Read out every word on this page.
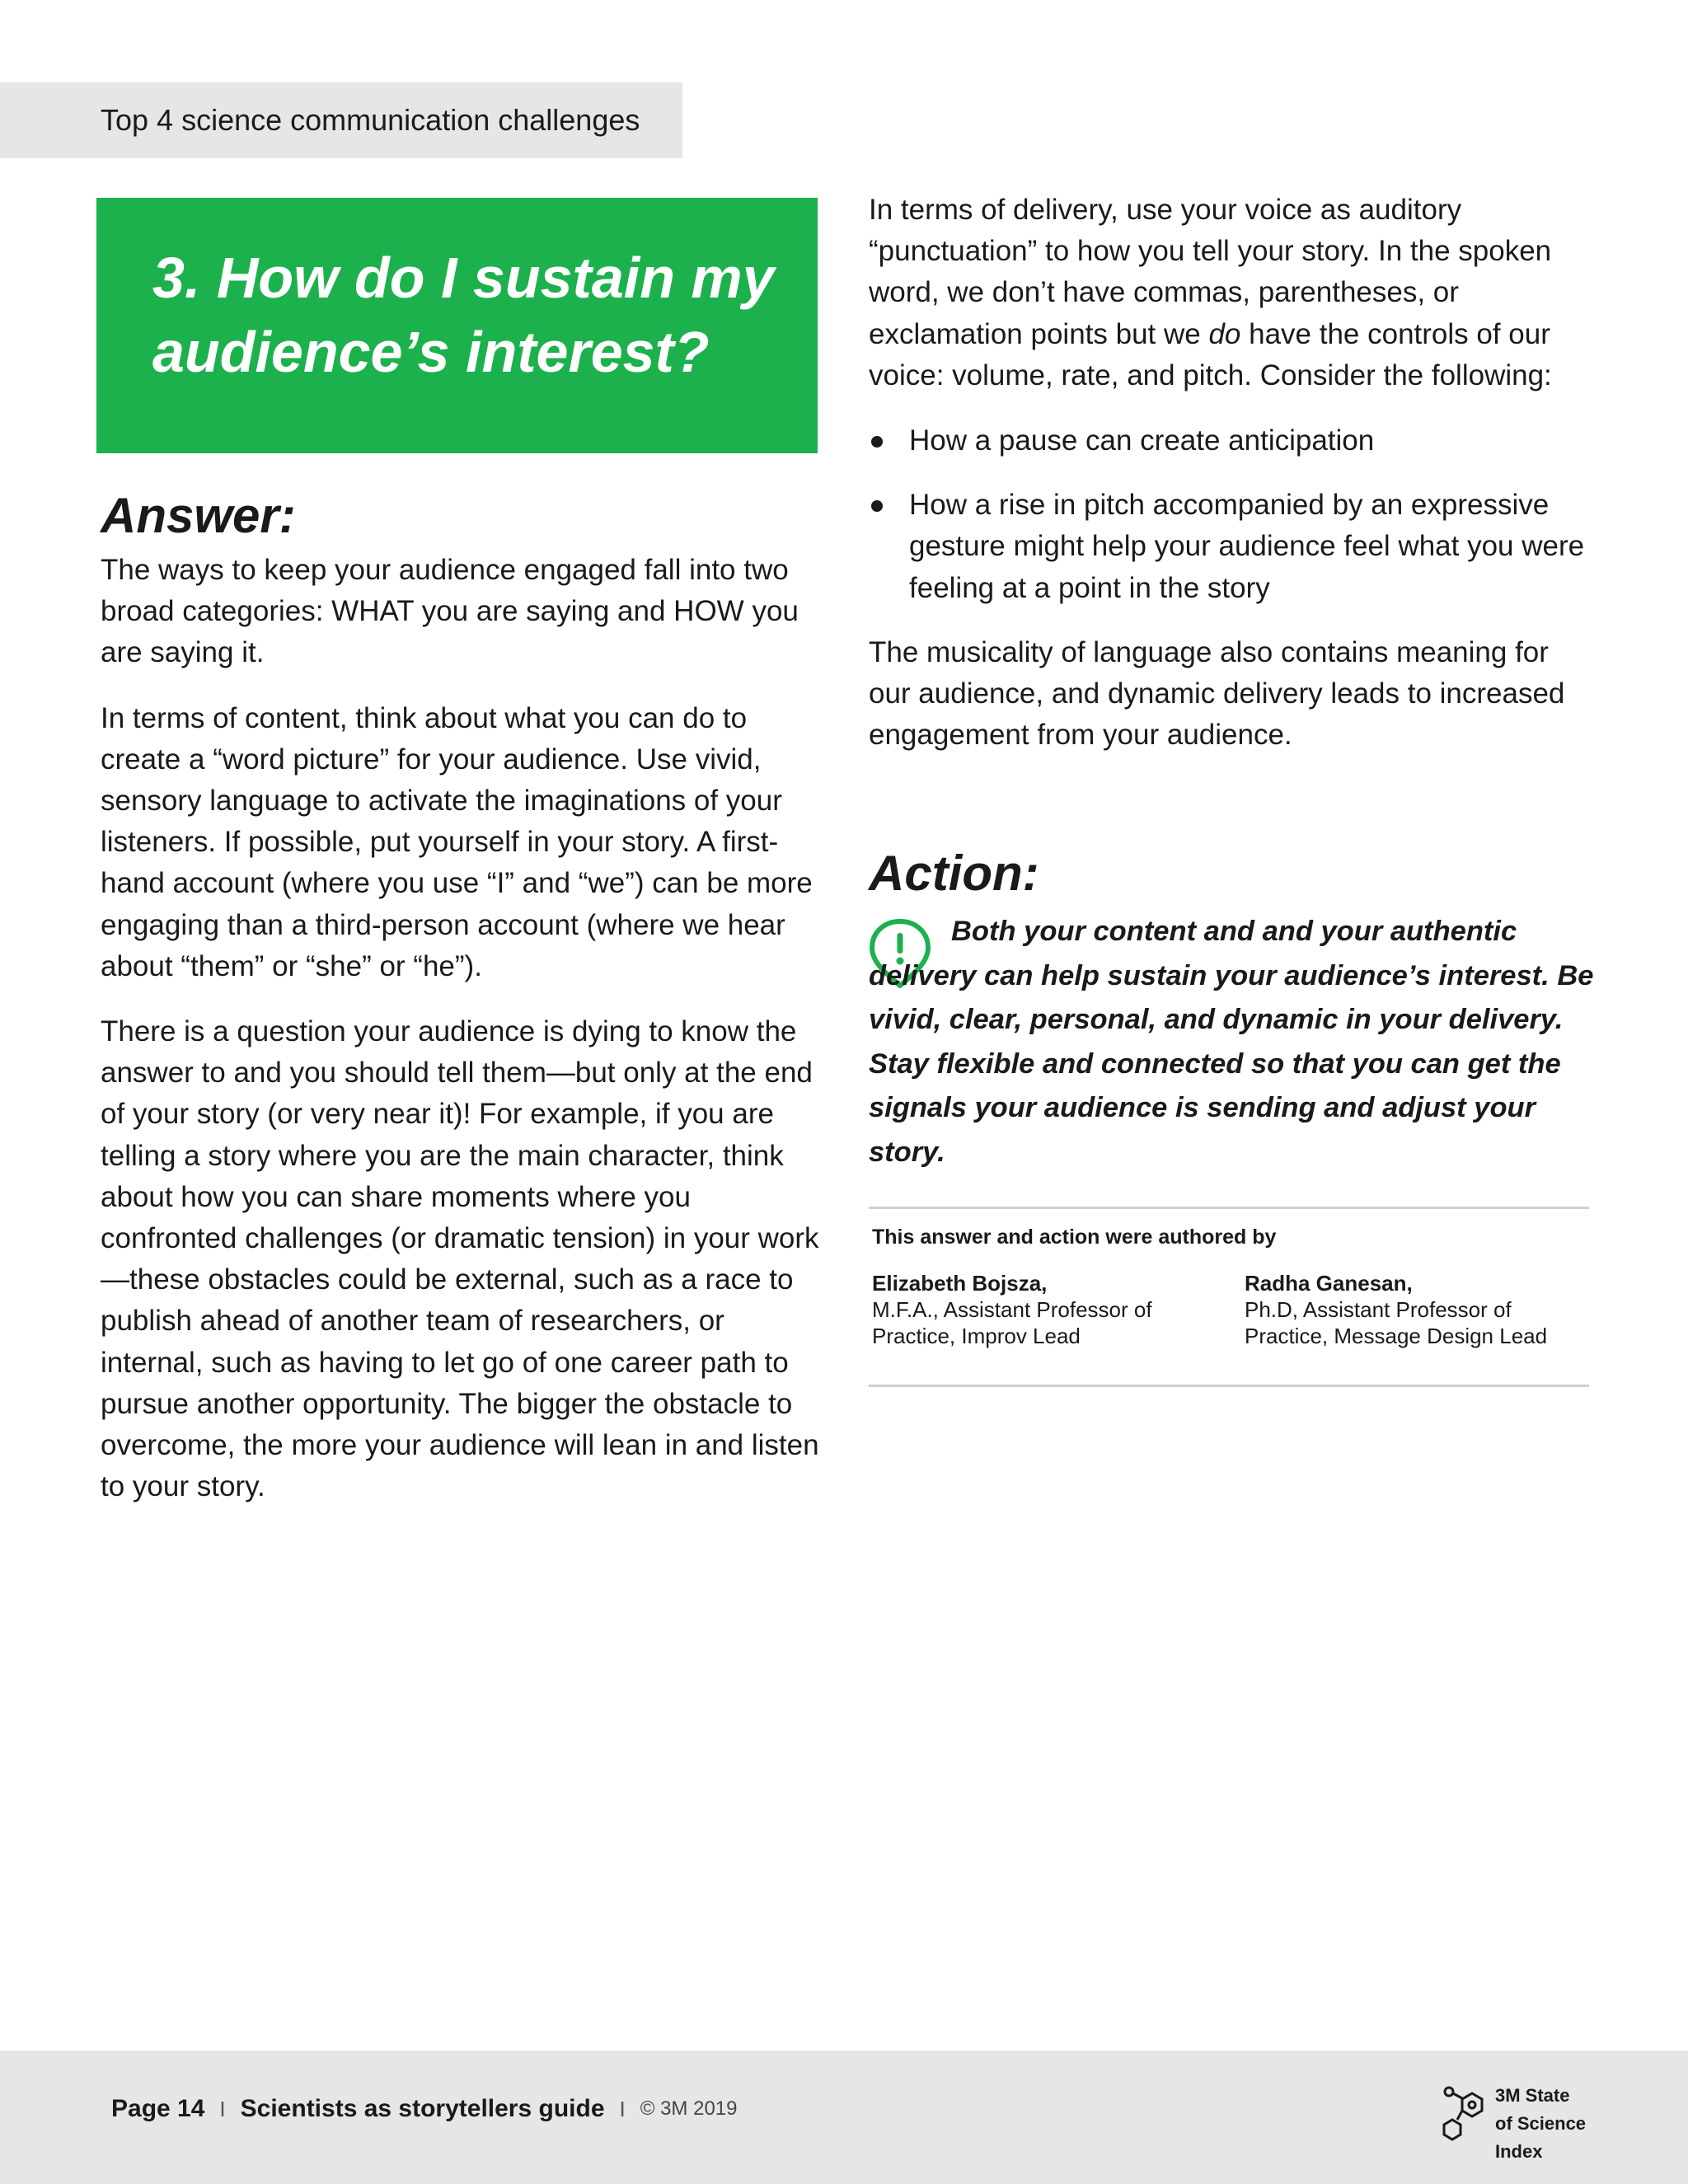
Top 4 science communication challenges
3. How do I sustain my
audience’s interest?
Answer:

The ways to keep your audience engaged fall into two broad categories: WHAT you are saying and HOW you are saying it.

In terms of content, think about what you can do to create a “word picture” for your audience. Use vivid, sensory language to activate the imaginations of your listeners. If possible, put yourself in your story. A first-hand account (where you use “I” and “we”) can be more engaging than a third-person account (where we hear about “them” or “she” or “he”).

There is a question your audience is dying to know the answer to and you should tell them—but only at the end of your story (or very near it)! For example, if you are telling a story where you are the main character, think about how you can share moments where you confronted challenges (or dramatic tension) in your work—these obstacles could be external, such as a race to publish ahead of another team of researchers, or internal, such as having to let go of one career path to pursue another opportunity. The bigger the obstacle to overcome, the more your audience will lean in and listen to your story.

In terms of delivery, use your voice as auditory “punctuation” to how you tell your story. In the spoken word, we don’t have commas, parentheses, or exclamation points but we do have the controls of our voice: volume, rate, and pitch. Consider the following:

How a pause can create anticipation
How a rise in pitch accompanied by an expressive gesture might help your audience feel what you were feeling at a point in the story

The musicality of language also contains meaning for our audience, and dynamic delivery leads to increased engagement from your audience.

Action:

Both your content and and your authentic delivery can help sustain your audience’s interest. Be vivid, clear, personal, and dynamic in your delivery. Stay flexible and connected so that you can get the signals your audience is sending and adjust your story.

This answer and action were authored by
Elizabeth Bojsza,
M.F.A., Assistant Professor of
Practice, Improv Lead
Radha Ganesan,
Ph.D, Assistant Professor of
Practice, Message Design Lead
Page 14 I Scientists as storytellers guide I © 3M 2019
3M State
of Science
Index
